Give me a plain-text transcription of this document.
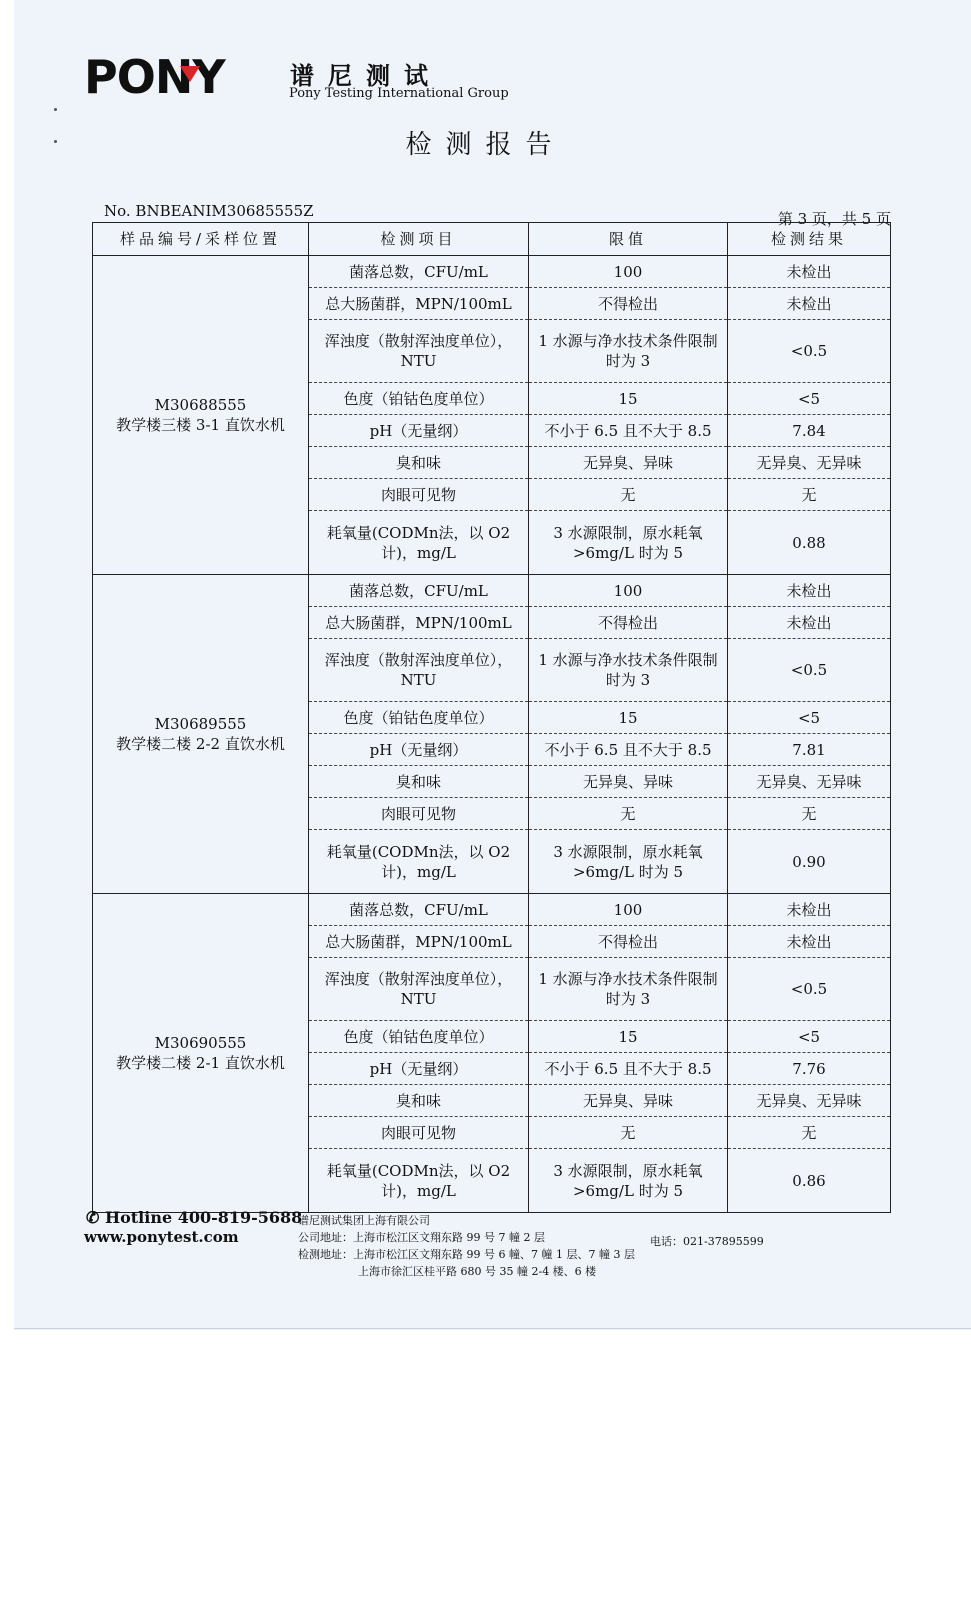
PONY	谱尼测试
Pony Testing International Group
检测报告
No. BNBEANIM30685555Z	第 3 页，共 5 页
样品编号/采样位置	检测项目	限值	检测结果

M30688555
教学楼三楼 3-1 直饮水机	菌落总数，CFU/mL	100	未检出
	总大肠菌群，MPN/100mL	不得检出	未检出
	浑浊度（散射浑浊度单位），NTU	1 水源与净水技术条件限制时为 3	<0.5
	色度（铂钴色度单位）	15	<5
	pH（无量纲）	不小于 6.5 且不大于 8.5	7.84
	臭和味	无异臭、异味	无异臭、无异味
	肉眼可见物	无	无
	耗氧量(CODMn法，以 O2计)，mg/L	3 水源限制，原水耗氧>6mg/L 时为 5	0.88

M30689555
教学楼二楼 2-2 直饮水机	菌落总数，CFU/mL	100	未检出
	总大肠菌群，MPN/100mL	不得检出	未检出
	浑浊度（散射浑浊度单位），NTU	1 水源与净水技术条件限制时为 3	<0.5
	色度（铂钴色度单位）	15	<5
	pH（无量纲）	不小于 6.5 且不大于 8.5	7.81
	臭和味	无异臭、异味	无异臭、无异味
	肉眼可见物	无	无
	耗氧量(CODMn法，以 O2计)，mg/L	3 水源限制，原水耗氧>6mg/L 时为 5	0.90

M30690555
教学楼二楼 2-1 直饮水机	菌落总数，CFU/mL	100	未检出
	总大肠菌群，MPN/100mL	不得检出	未检出
	浑浊度（散射浑浊度单位），NTU	1 水源与净水技术条件限制时为 3	<0.5
	色度（铂钴色度单位）	15	<5
	pH（无量纲）	不小于 6.5 且不大于 8.5	7.76
	臭和味	无异臭、异味	无异臭、无异味
	肉眼可见物	无	无
	耗氧量(CODMn法，以 O2计)，mg/L	3 水源限制，原水耗氧>6mg/L 时为 5	0.86
✆ Hotline 400-819-5688
www.ponytest.com
谱尼测试集团上海有限公司
公司地址：上海市松江区文翔东路 99 号 7 幢 2 层
检测地址：上海市松江区文翔东路 99 号 6 幢、7 幢 1 层、7 幢 3 层
上海市徐汇区桂平路 680 号 35 幢 2-4 楼、6 楼
电话：021-37895599
